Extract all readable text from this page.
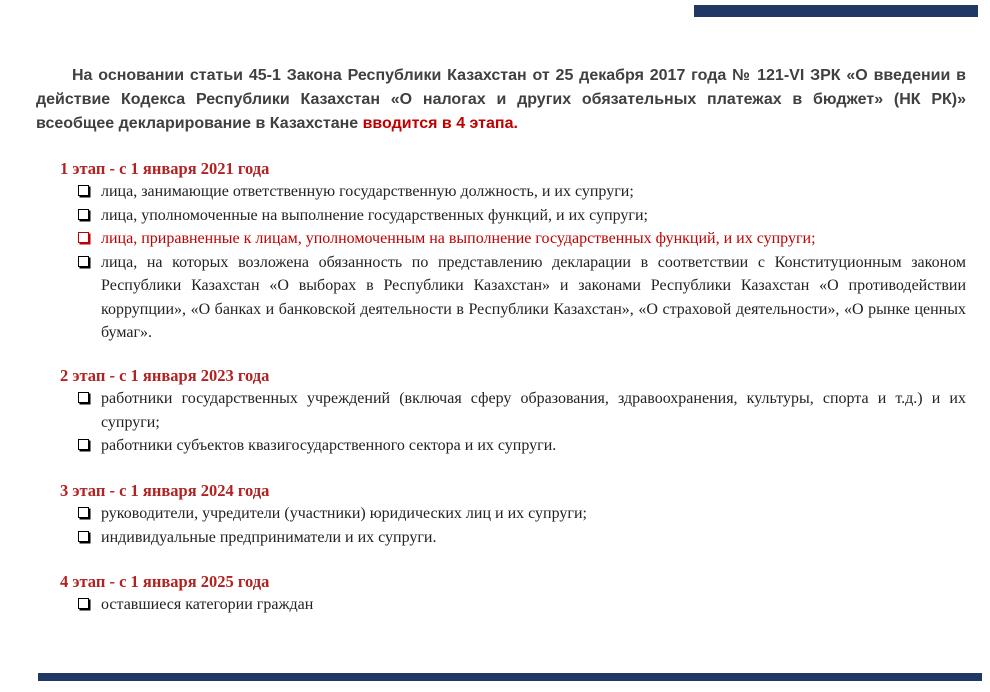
На основании статьи 45-1 Закона Республики Казахстан от 25 декабря 2017 года № 121-VI ЗРК «О введении в действие Кодекса Республики Казахстан «О налогах и других обязательных платежах в бюджет» (НК РК)» всеобщее декларирование в Казахстане вводится в 4 этапа.

1 этап - с 1 января 2021 года

лица, занимающие ответственную государственную должность, и их супруги;
лица, уполномоченные на выполнение государственных функций, и их супруги;
лица, приравненные к лицам, уполномоченным на выполнение государственных функций, и их супруги;
лица, на которых возложена обязанность по представлению декларации в соответствии с Конституционным законом Республики Казахстан «О выборах в Республики Казахстан» и законами Республики Казахстан «О противодействии коррупции», «О банках и банковской деятельности в Республики Казахстан», «О страховой деятельности», «О рынке ценных бумаг».

2 этап - с 1 января 2023 года

работники государственных учреждений (включая сферу образования, здравоохранения, культуры, спорта и т.д.) и их супруги;
работники субъектов квазигосударственного сектора и их супруги.

3 этап - с 1 января 2024 года

руководители, учредители (участники) юридических лиц и их супруги;
индивидуальные предприниматели и их супруги.

4 этап - с 1 января 2025 года

оставшиеся категории граждан
